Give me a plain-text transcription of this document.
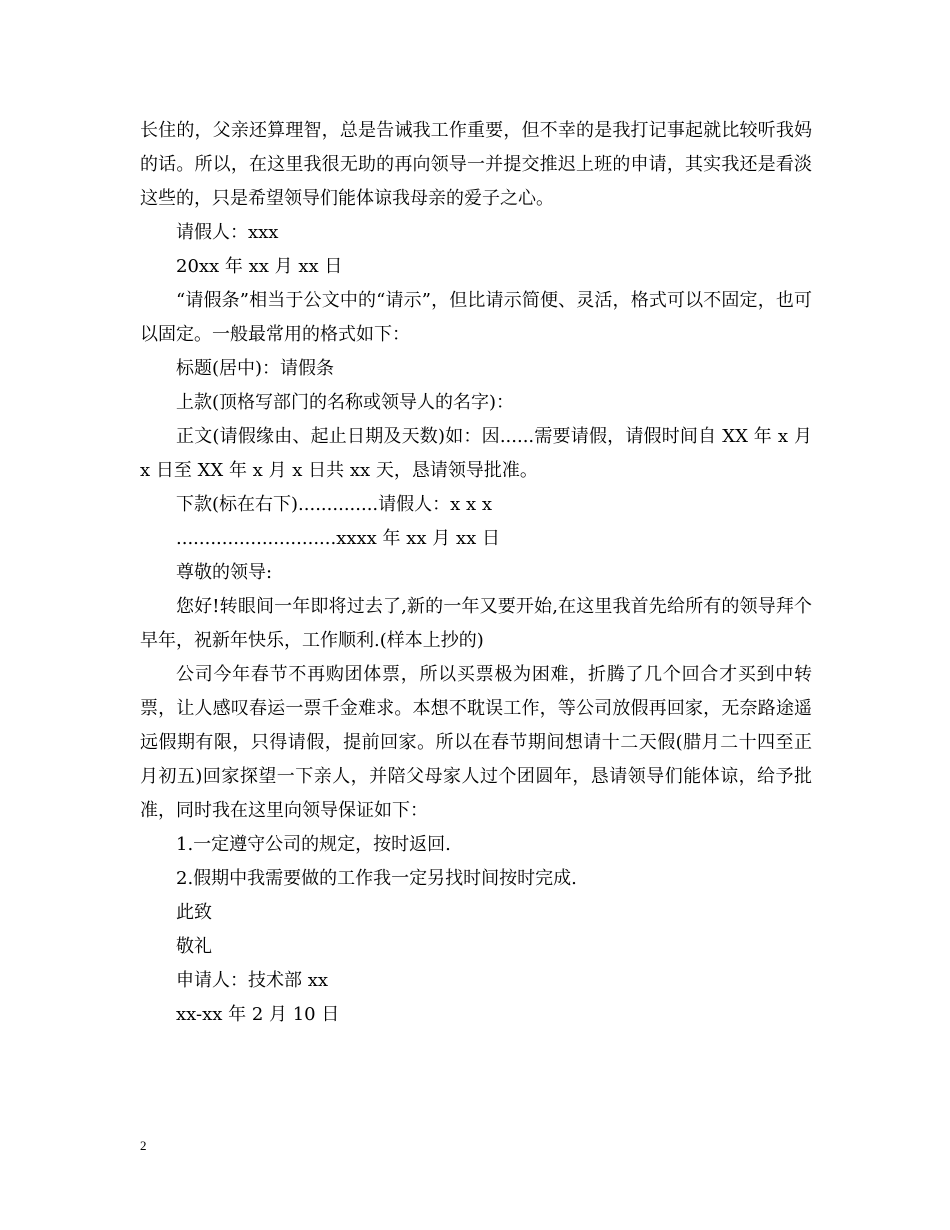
长住的，父亲还算理智，总是告诫我工作重要，但不幸的是我打记事起就比较听我妈的话。所以，在这里我很无助的再向领导一并提交推迟上班的申请，其实我还是看淡这些的，只是希望领导们能体谅我母亲的爱子之心。

请假人：xxx

20xx 年 xx 月 xx 日

“请假条”相当于公文中的“请示”，但比请示简便、灵活，格式可以不固定，也可以固定。一般最常用的格式如下：

标题(居中)：请假条

上款(顶格写部门的名称或领导人的名字)：

正文(请假缘由、起止日期及天数)如：因......需要请假，请假时间自 XX 年 x 月 x 日至 XX 年 x 月 x 日共 xx 天，恳请领导批准。

下款(标在右下)..............请假人：x x x

............................xxxx 年 xx 月 xx 日

尊敬的领导:

您好!转眼间一年即将过去了,新的一年又要开始,在这里我首先给所有的领导拜个早年，祝新年快乐，工作顺利.(样本上抄的)

公司今年春节不再购团体票，所以买票极为困难，折腾了几个回合才买到中转票，让人感叹春运一票千金难求。本想不耽误工作，等公司放假再回家，无奈路途遥远假期有限，只得请假，提前回家。所以在春节期间想请十二天假(腊月二十四至正月初五)回家探望一下亲人，并陪父母家人过个团圆年，恳请领导们能体谅，给予批准，同时我在这里向领导保证如下：

1.一定遵守公司的规定，按时返回.

2.假期中我需要做的工作我一定另找时间按时完成.

此致

敬礼

申请人：技术部 xx

xx-xx 年 2 月 10 日

2
